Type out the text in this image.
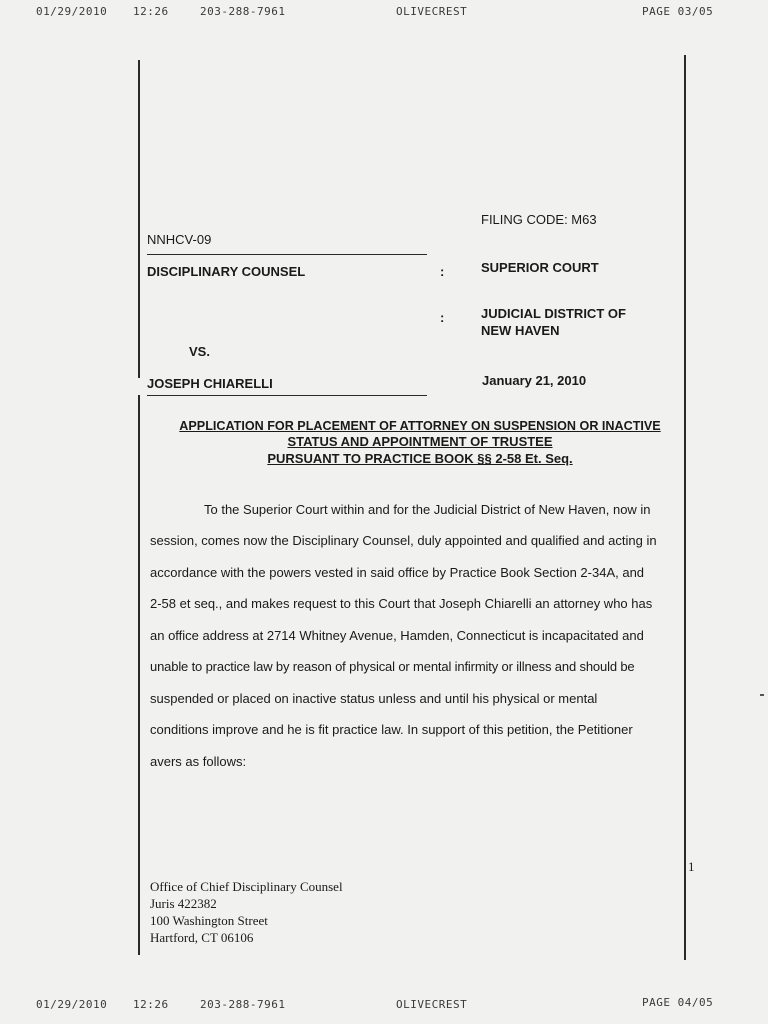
01/29/2010 12:26	203-288-7961	OLIVECREST	PAGE 03/05
FILING CODE: M63
NNHCV-09
DISCIPLINARY COUNSEL	:	SUPERIOR COURT
:	JUDICIAL DISTRICT OF
NEW HAVEN
VS.
JOSEPH CHIARELLI	January 21, 2010
APPLICATION FOR PLACEMENT OF ATTORNEY ON SUSPENSION OR INACTIVE
STATUS AND APPOINTMENT OF TRUSTEE
PURSUANT TO PRACTICE BOOK §§ 2-58 Et. Seq.
To the Superior Court within and for the Judicial District of New Haven, now in
session, comes now the Disciplinary Counsel, duly appointed and qualified and acting in
accordance with the powers vested in said office by Practice Book Section 2-34A, and
2-58 et seq., and makes request to this Court that Joseph Chiarelli an attorney who has
an office address at 2714 Whitney Avenue, Hamden, Connecticut is incapacitated and
unable to practice law by reason of physical or mental infirmity or illness and should be
suspended or placed on inactive status unless and until his physical or mental
conditions improve and he is fit practice law. In support of this petition, the Petitioner
avers as follows:
1
Office of Chief Disciplinary Counsel
Juris 422382
100 Washington Street
Hartford, CT 06106
01/29/2010 12:26	203-288-7961	OLIVECREST	PAGE 04/05
